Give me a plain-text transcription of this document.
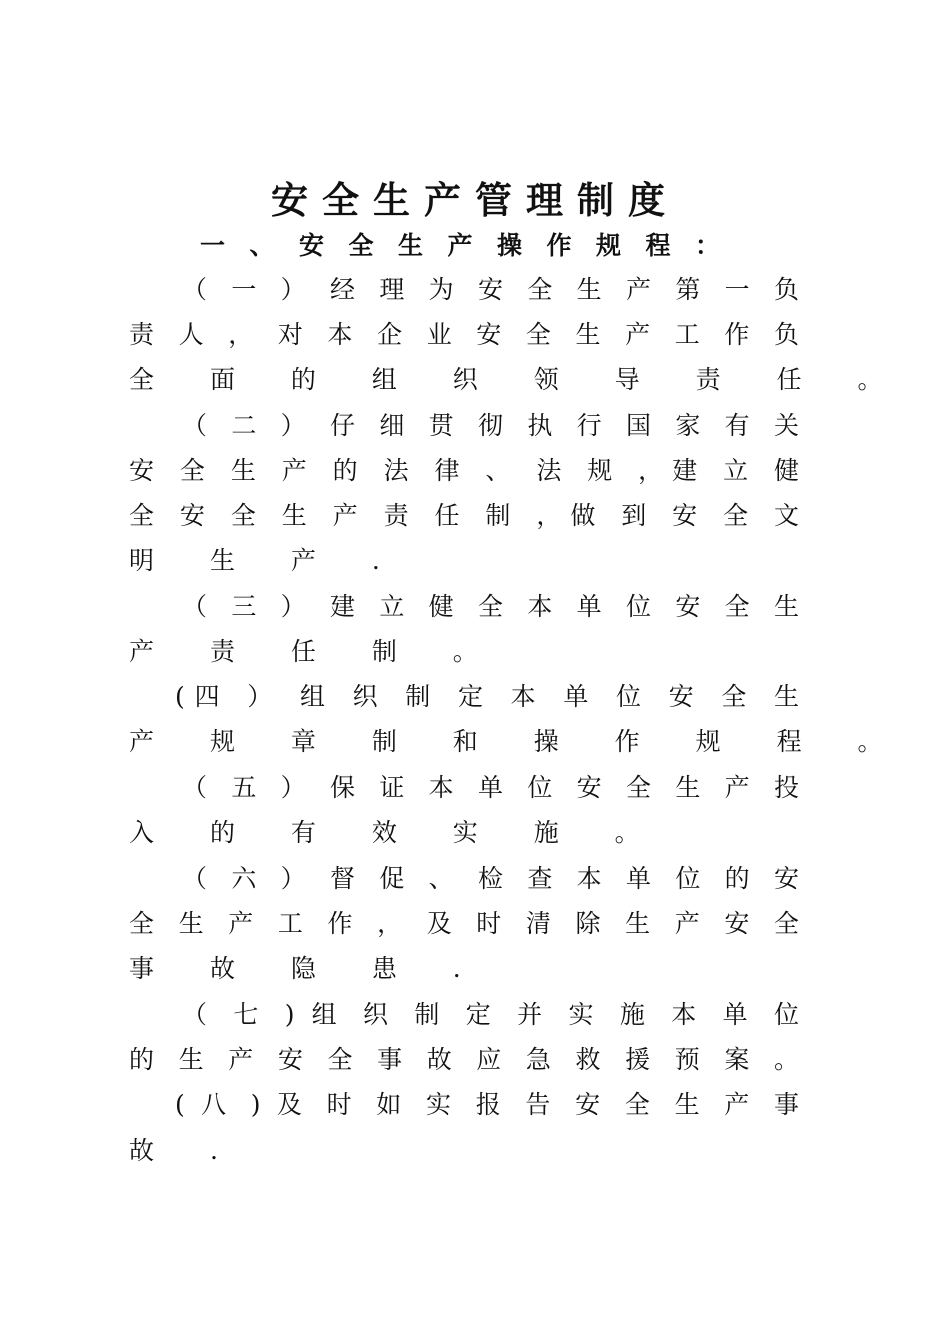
安全生产管理制度
一 、 安 全 生 产 操 作 规 程 ：
（ 一 ） 经 理 为 安 全 生 产 第 一 负
责 人 ， 对 本 企 业 安 全 生 产 工 作 负
全 面 的 组 织 领 导 责 任 。
（ 二 ） 仔 细 贯 彻 执 行 国 家 有 关
安 全 生 产 的 法 律 、 法 规 ，建 立 健
全 安 全 生 产 责 任 制 ，做 到 安 全 文
明 生 产 .
（ 三 ） 建 立 健 全 本 单 位 安 全 生
产 责 任 制 。
(四 ） 组 织 制 定 本 单 位 安 全 生
产 规 章 制 和 操 作 规 程 。
（ 五 ） 保 证 本 单 位 安 全 生 产 投
入 的 有 效 实 施 。
（ 六 ） 督 促 、 检 查 本 单 位 的 安
全 生 产 工 作 ， 及 时 清 除 生 产 安 全
事 故 隐 患 .
（ 七 ) 组 织 制 定 并 实 施 本 单 位
的 生 产 安 全 事 故 应 急 救 援 预 案 。
( 八 ) 及 时 如 实 报 告 安 全 生 产 事
故 .
